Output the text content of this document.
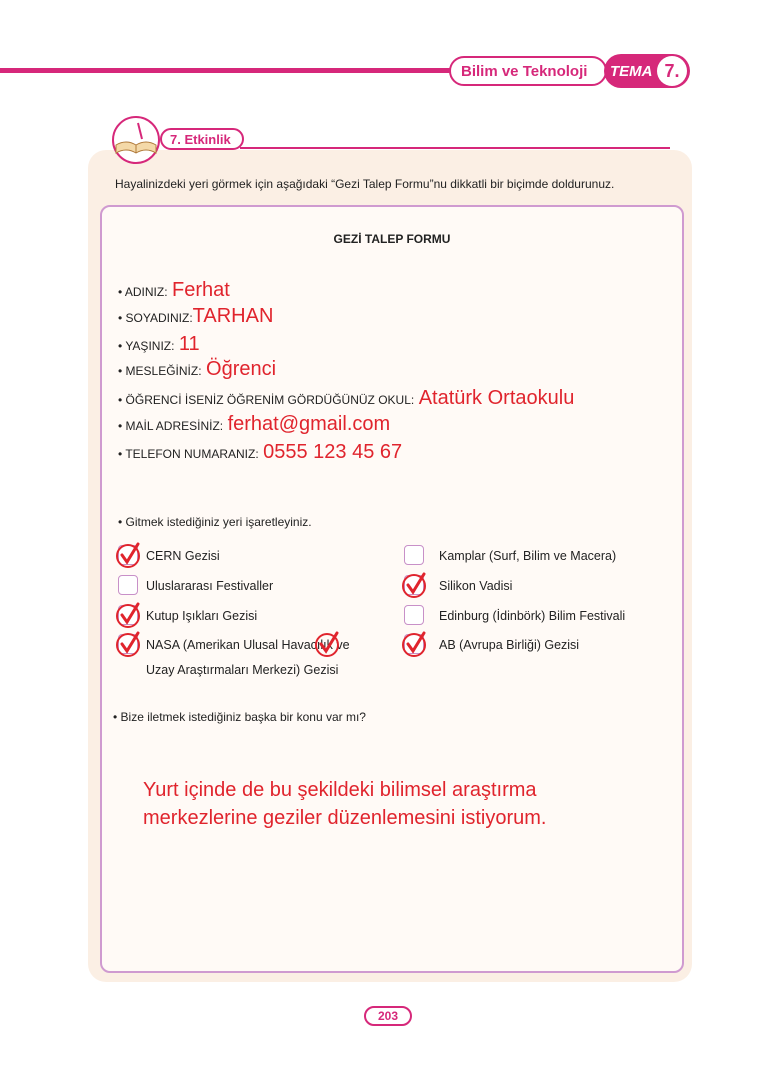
Bilim ve Teknoloji TEMA 7.
7. Etkinlik
Hayalinizdeki yeri görmek için aşağıdaki “Gezi Talep Formu”nu dikkatli bir biçimde doldurunuz.
GEZİ TALEP FORMU
• ADINIZ: Ferhat
• SOYADINIZ:TARHAN
• YAŞINIZ: 11
• MESLEĞİNİZ: Öğrenci
• ÖĞRENCİ İSENİZ ÖĞRENİM GÖRDÜĞÜNÜZ OKUL: Atatürk Ortaokulu
• MAİL ADRESİNİZ: ferhat@gmail.com
• TELEFON NUMARANIZ: 0555 123 45 67
• Gitmek istediğiniz yeri işaretleyiniz.
CERN Gezisi
Uluslararası Festivaller
Kutup Işıkları Gezisi
NASA (Amerikan Ulusal Havacılık ve
Uzay Araştırmaları Merkezi) Gezisi
Kamplar (Surf, Bilim ve Macera)
Silikon Vadisi
Edinburg (İdinbörk) Bilim Festivali
AB (Avrupa Birliği) Gezisi
• Bize iletmek istediğiniz başka bir konu var mı?
Yurt içinde de bu şekildeki bilimsel araştırma
merkezlerine geziler düzenlemesini istiyorum.
203
